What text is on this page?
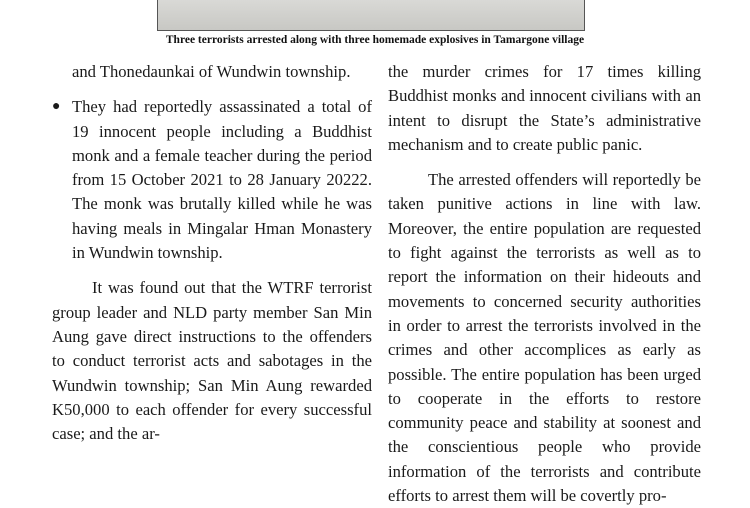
Three terrorists arrested along with three homemade explosives in Tamargone village

and Thonedaunkai of Wundwin township.

● They had reportedly assassinated a total of 19 innocent people including a Buddhist monk and a female teacher during the period from 15 October 2021 to 28 January 20222. The monk was brutally killed while he was having meals in Mingalar Hman Monastery in Wundwin township.

It was found out that the WTRF terrorist group leader and NLD party member San Min Aung gave direct instructions to the offenders to conduct terrorist acts and sabotages in the Wundwin township; San Min Aung rewarded K50,000 to each offender for every successful case; and the ar-

the murder crimes for 17 times killing Buddhist monks and innocent civilians with an intent to disrupt the State’s administrative mechanism and to create public panic.

The arrested offenders will reportedly be taken punitive actions in line with law. Moreover, the entire population are requested to fight against the terrorists as well as to report the information on their hideouts and movements to concerned security authorities in order to arrest the terrorists involved in the crimes and other accomplices as early as possible. The entire population has been urged to cooperate in the efforts to restore community peace and stability at soonest and the conscientious people who provide information of the terrorists and contribute efforts to arrest them will be covertly pro-
